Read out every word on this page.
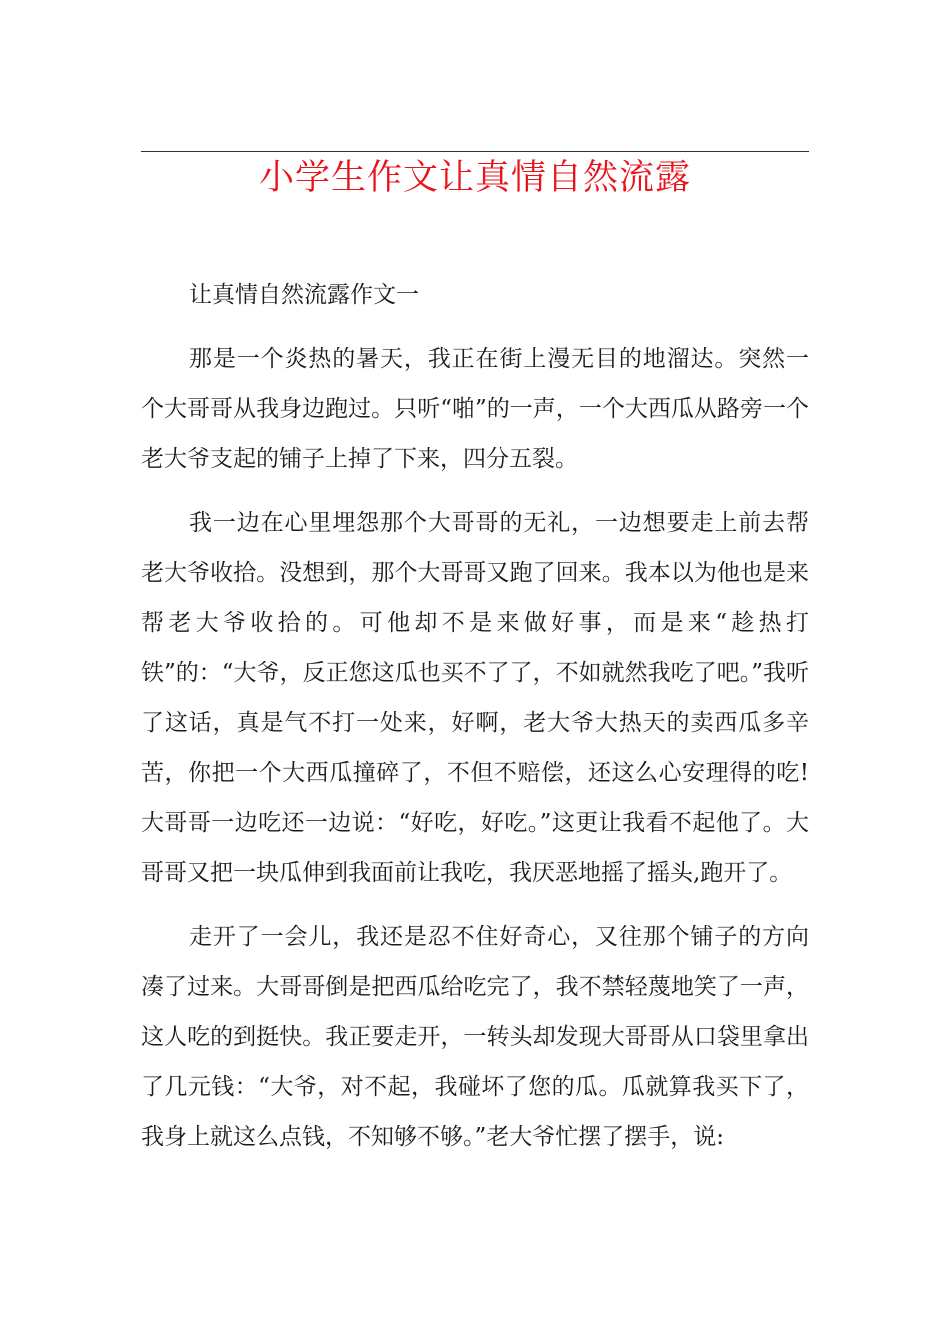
小学生作文让真情自然流露

让真情自然流露作文一

那是一个炎热的暑天，我正在街上漫无目的地溜达。突然一个大哥哥从我身边跑过。只听“啪”的一声，一个大西瓜从路旁一个老大爷支起的铺子上掉了下来，四分五裂。

我一边在心里埋怨那个大哥哥的无礼，一边想要走上前去帮老大爷收拾。没想到，那个大哥哥又跑了回来。我本以为他也是来帮老大爷收拾的。可他却不是来做好事，而是来“趁热打铁”的：“大爷，反正您这瓜也买不了了，不如就然我吃了吧。”我听了这话，真是气不打一处来，好啊，老大爷大热天的卖西瓜多辛苦，你把一个大西瓜撞碎了，不但不赔偿，还这么心安理得的吃!大哥哥一边吃还一边说：“好吃，好吃。”这更让我看不起他了。大哥哥又把一块瓜伸到我面前让我吃，我厌恶地摇了摇头,跑开了。

走开了一会儿，我还是忍不住好奇心，又往那个铺子的方向凑了过来。大哥哥倒是把西瓜给吃完了，我不禁轻蔑地笑了一声，这人吃的到挺快。我正要走开，一转头却发现大哥哥从口袋里拿出了几元钱：“大爷，对不起，我碰坏了您的瓜。瓜就算我买下了，我身上就这么点钱，不知够不够。”老大爷忙摆了摆手，说:
